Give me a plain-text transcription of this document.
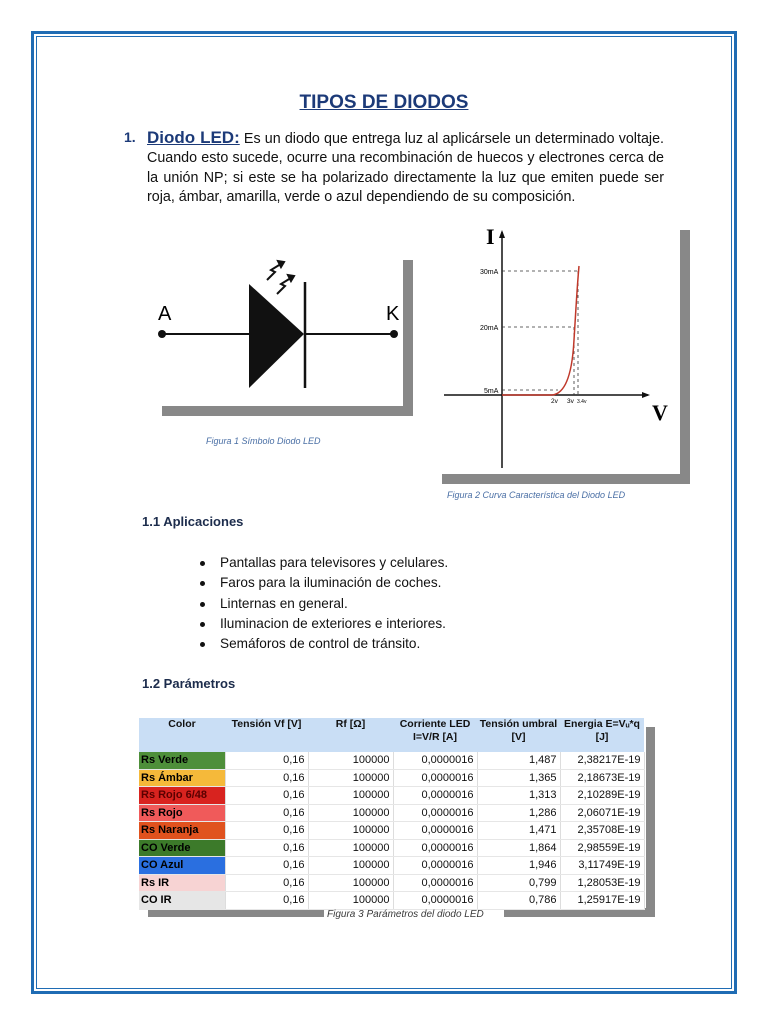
TIPOS DE DIODOS
1. Diodo LED: Es un diodo que entrega luz al aplicársele un determinado voltaje. Cuando esto sucede, ocurre una recombinación de huecos y electrones cerca de la unión NP; si este se ha polarizado directamente la luz que emiten puede ser roja, ámbar, amarilla, verde o azul dependiendo de su composición.
A	K
Figura 1 Símbolo Diodo LED
I
V
30mA
20mA
5mA
2v 3v 3.4v
Figura 2 Curva Característica del Diodo LED
1.1 Aplicaciones
Pantallas para televisores y celulares.
Faros para la iluminación de coches.
Linternas en general.
Iluminacion de exteriores e interiores.
Semáforos de control de tránsito.
1.2 Parámetros
Color	Tensión Vf [V]	Rf [Ω]	Corriente LED I=V/R [A]	Tensión umbral [V]	Energia E=Vᵤ*q [J]
Rs Verde	0,16	100000	0,0000016	1,487	2,38217E-19
Rs Ámbar	0,16	100000	0,0000016	1,365	2,18673E-19
Rs Rojo 6/48	0,16	100000	0,0000016	1,313	2,10289E-19
Rs Rojo	0,16	100000	0,0000016	1,286	2,06071E-19
Rs Naranja	0,16	100000	0,0000016	1,471	2,35708E-19
CO Verde	0,16	100000	0,0000016	1,864	2,98559E-19
CO Azul	0,16	100000	0,0000016	1,946	3,11749E-19
Rs IR	0,16	100000	0,0000016	0,799	1,28053E-19
CO IR	0,16	100000	0,0000016	0,786	1,25917E-19
Figura 3 Parámetros del diodo LED
